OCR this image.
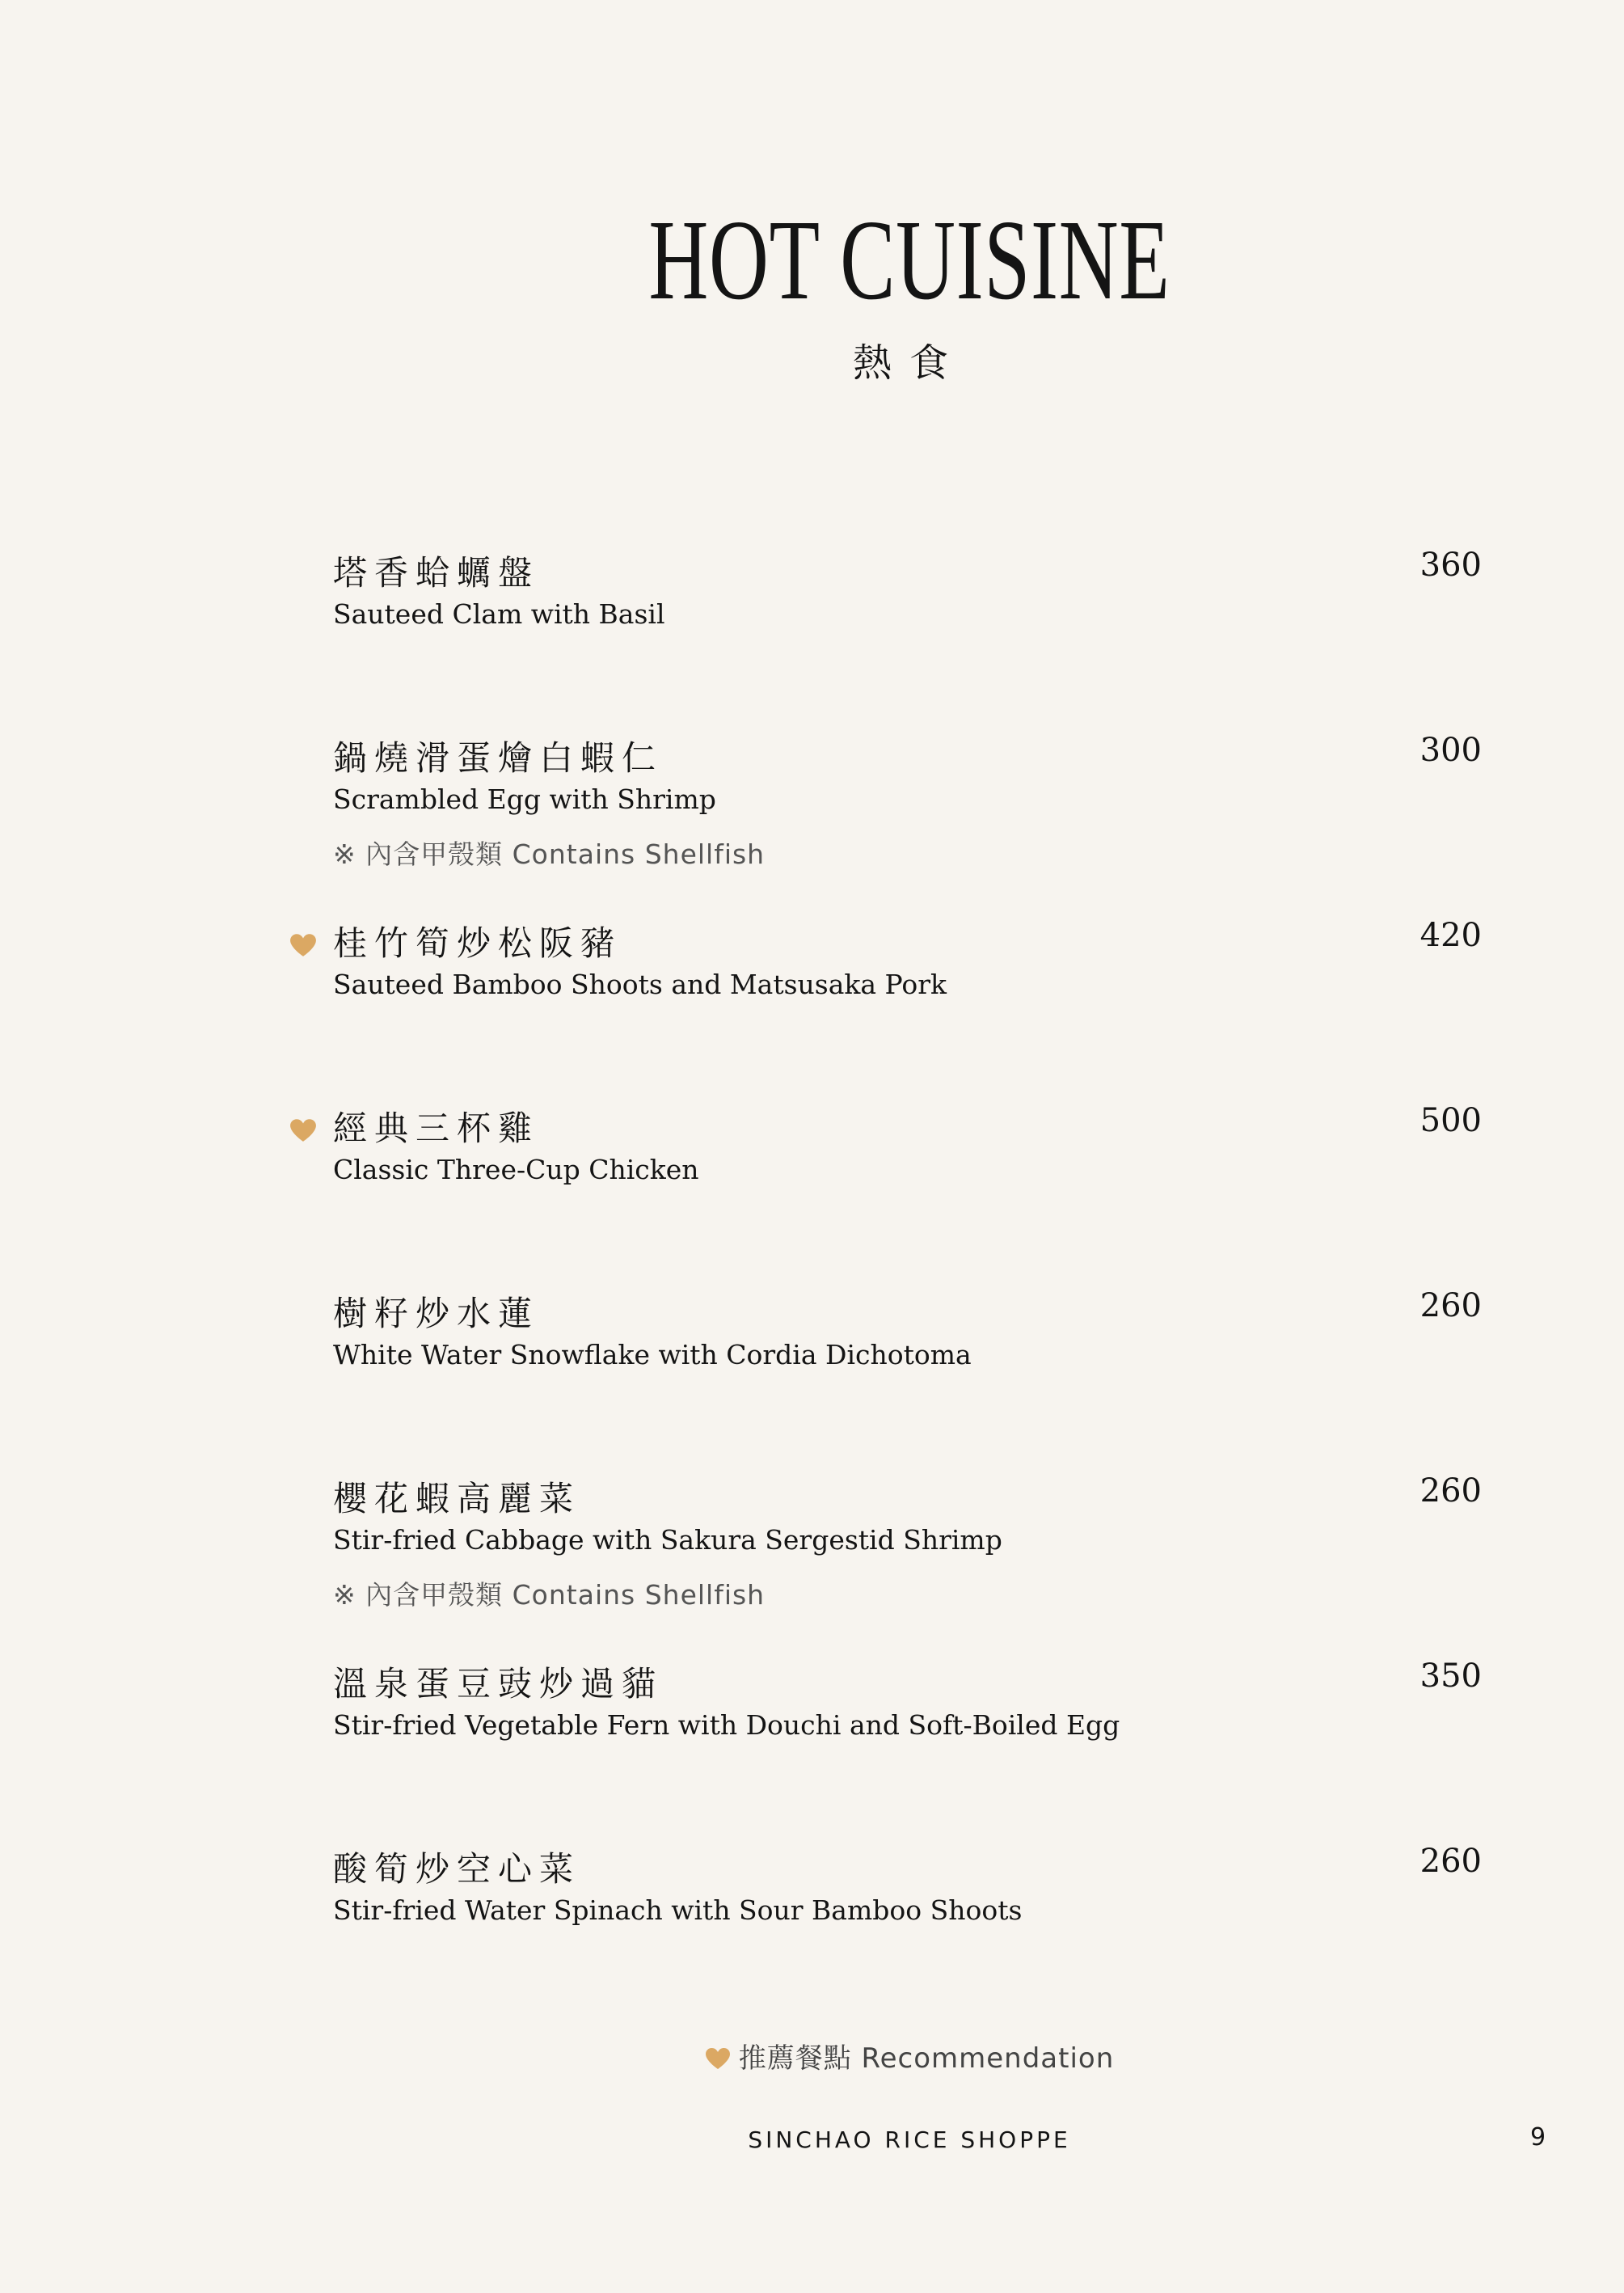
HOT CUISINE
熱食
塔香蛤蠣盤
Sauteed Clam with Basil
360
鍋燒滑蛋燴白蝦仁
Scrambled Egg with Shrimp
※ 內含甲殼類 Contains Shellfish
300
桂竹筍炒松阪豬
Sauteed Bamboo Shoots and Matsusaka Pork
420
經典三杯雞
Classic Three-Cup Chicken
500
樹籽炒水蓮
White Water Snowflake with Cordia Dichotoma
260
櫻花蝦高麗菜
Stir-fried Cabbage with Sakura Sergestid Shrimp
※ 內含甲殼類 Contains Shellfish
260
溫泉蛋豆豉炒過貓
Stir-fried Vegetable Fern with Douchi and Soft-Boiled Egg
350
酸筍炒空心菜
Stir-fried Water Spinach with Sour Bamboo Shoots
260
推薦餐點 Recommendation
SINCHAO RICE SHOPPE	9
